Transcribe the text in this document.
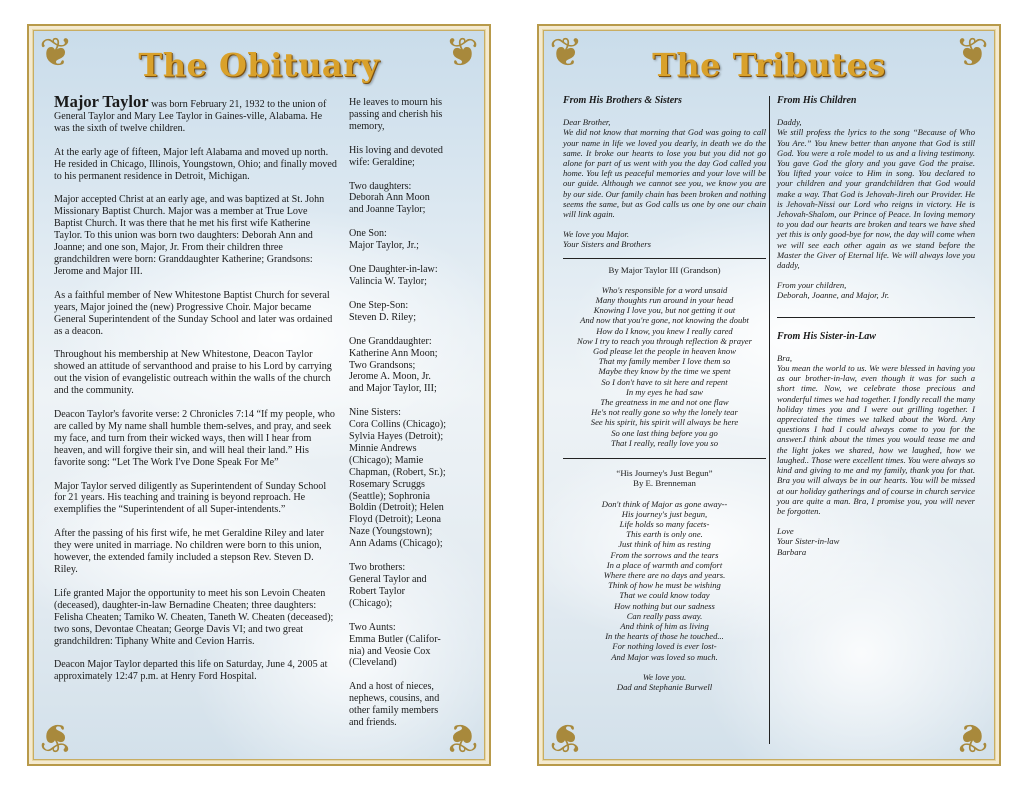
❦	❦
❦	❦
The Obituary

Major Taylor was born February 21, 1932 to the union of General Taylor and Mary Lee Taylor in Gaines-ville, Alabama. He was the sixth of twelve children.

At the early age of fifteen, Major left Alabama and moved up north. He resided in Chicago, Illinois, Youngstown, Ohio; and finally moved to his permanent residence in Detroit, Michigan.

Major accepted Christ at an early age, and was baptized at St. John Missionary Baptist Church. Major was a member at True Love Baptist Church. It was there that he met his first wife Katherine Taylor. To this union was born two daughters: Deborah Ann and Joanne; and one son, Major, Jr. From their children three grandchildren were born: Granddaughter Katherine; Grandsons: Jerome and Major III.

As a faithful member of New Whitestone Baptist Church for several years, Major joined the (new) Progressive Choir. Major became General Superintendent of the Sunday School and later was ordained as a deacon.

Throughout his membership at New Whitestone, Deacon Taylor showed an attitude of servanthood and praise to his Lord by carrying out the vision of evangelistic outreach within the walls of the church and the community.

Deacon Taylor's favorite verse: 2 Chronicles 7:14 “If my people, who are called by My name shall humble them-selves, and pray, and seek my face, and turn from their wicked ways, then will I hear from heaven, and will forgive their sin, and will heal their land.” His favorite song: “Let The Work I've Done Speak For Me”

Major Taylor served diligently as Superintendent of Sunday School for 21 years. His teaching and training is beyond reproach. He exemplifies the “Superintendent of all Super-intendents.”

After the passing of his first wife, he met Geraldine Riley and later they were united in marriage. No children were born to this union, however, the extended family included a stepson Rev. Steven D. Riley.

Life granted Major the opportunity to meet his son Levoin Cheaten (deceased), daughter-in-law Bernadine Cheaten; three daughters: Felisha Cheaten; Tamiko W. Cheaten, Taneth W. Cheaten (deceased); two sons, Devontae Cheatan; George Davis VI; and two great grandchildren: Tiphany White and Cevion Harris.

Deacon Major Taylor departed this life on Saturday, June 4, 2005 at approximately 12:47 p.m. at Henry Ford Hospital.

He leaves to mourn his
passing and cherish his
memory,
His loving and devoted
wife: Geraldine;
Two daughters:
Deborah Ann Moon
and Joanne Taylor;
One Son:
Major Taylor, Jr.;
One Daughter-in-law:
Valincia W. Taylor;
One Step-Son:
Steven D. Riley;
One Granddaughter:
Katherine Ann Moon;
Two Grandsons;
Jerome A. Moon, Jr.
and Major Taylor, III;
Nine Sisters:
Cora Collins (Chicago);
Sylvia Hayes (Detroit);
Minnie Andrews
(Chicago); Mamie
Chapman, (Robert, Sr.);
Rosemary Scruggs
(Seattle); Sophronia
Boldin (Detroit); Helen
Floyd (Detroit); Leona
Naze (Youngstown);
Ann Adams (Chicago);
Two brothers:
General Taylor and
Robert Taylor
(Chicago);
Two Aunts:
Emma Butler (Califor-
nia) and Veosie Cox
(Cleveland)
And a host of nieces,
nephews, cousins, and
other family members
and friends.
❦	❦
❦	❦
The Tributes
From His Brothers & Sisters

Dear Brother,

We did not know that morning that God was going to call your name in life we loved you dearly, in death we do the same. It broke our hearts to lose you but you did not go alone for part of us went with you the day God called you home. You left us peaceful memories and your love will be our guide. Although we cannot see you, we know you are by our side. Our family chain has been broken and nothing seems the same, but as God calls us one by one our chain will link again.

We love you Major.

Your Sisters and Brothers

By Major Taylor III (Grandson)
Who's responsible for a word unsaid
Many thoughts run around in your head
Knowing I love you, but not getting it out
And now that you're gone, not knowing the doubt
How do I know, you knew I really cared
Now I try to reach you through reflection & prayer
God please let the people in heaven know
That my family member I love them so
Maybe they know by the time we spent
So I don't have to sit here and repent
In my eyes he had saw
The greatness in me and not one flaw
He's not really gone so why the lonely tear
See his spirit, his spirit will always be here
So one last thing before you go
That I really, really love you so
“His Journey's Just Begun”
By E. Brenneman
Don't think of Major as gone away--
His journey's just begun,
Life holds so many facets-
This earth is only one.
Just think of him as resting
From the sorrows and the tears
In a place of warmth and comfort
Where there are no days and years.
Think of how he must be wishing
That we could know today
How nothing but our sadness
Can really pass away.
And think of him as living
In the hearts of those he touched...
For nothing loved is ever lost-
And Major was loved so much.
We love you.
Dad and Stephanie Burwell
From His Children

Daddy,

We still profess the lyrics to the song “Because of Who You Are.” You knew better than anyone that God is still God. You were a role model to us and a living testimony. You gave God the glory and you gave God the praise. You lifted your voice to Him in song. You declared to your children and your grandchildren that God would make a way. That God is Jehovah-Jireh our Provider. He is Jehovah-Nissi our Lord who reigns in victory. He is Jehovah-Shalom, our Prince of Peace. In loving memory to you dad our hearts are broken and tears we have shed yet this is only good-bye for now, the day will come when we will see each other again as we stand before the Master the Giver of Eternal life. We will always love you daddy,

From your children,

Deborah, Joanne, and Major, Jr.

From His Sister-in-Law

Bra,

You mean the world to us. We were blessed in having you as our brother-in-law, even though it was for such a short time. Now, we celebrate those precious and wonderful times we had together. I fondly recall the many holiday times you and I were out grilling together. I appreciated the times we talked about the Word. Any questions I had I could always come to you for the answer.I think about the times you would tease me and the light jokes we shared, how we laughed, how we laughed.. Those were excellent times. You were always so kind and giving to me and my family, thank you for that. Bra you will always be in our hearts. You will be missed at our holiday gatherings and of course in church service you are quite a man. Bra, I promise you, you will never be forgotten.

Love

Your Sister-in-law

Barbara
